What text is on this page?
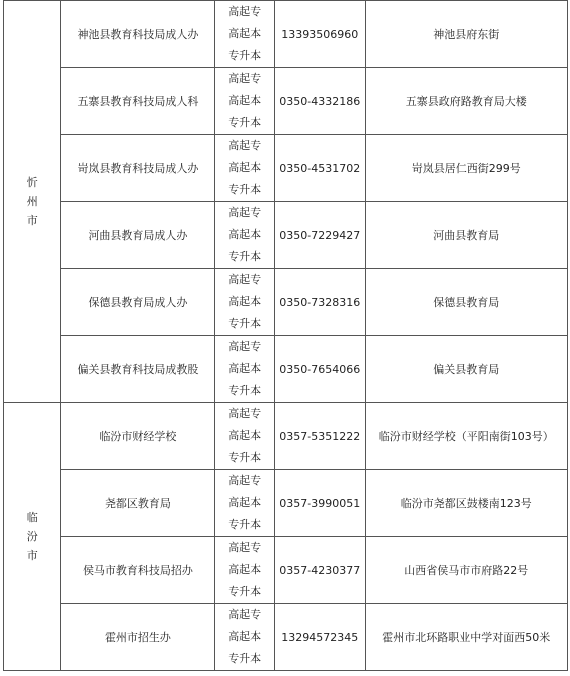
忻州市	神池县教育科技局成人办	高起专
高起本
专升本	13393506960	神池县府东街
	五寨县教育科技局成人科	高起专
高起本
专升本	0350-4332186	五寨县政府路教育局大楼
	岢岚县教育科技局成人办	高起专
高起本
专升本	0350-4531702	岢岚县居仁西街299号
	河曲县教育局成人办	高起专
高起本
专升本	0350-7229427	河曲县教育局
	保德县教育局成人办	高起专
高起本
专升本	0350-7328316	保德县教育局
	偏关县教育科技局成教股	高起专
高起本
专升本	0350-7654066	偏关县教育局
临汾市	临汾市财经学校	高起专
高起本
专升本	0357-5351222	临汾市财经学校（平阳南街103号）
	尧都区教育局	高起专
高起本
专升本	0357-3990051	临汾市尧都区鼓楼南123号
	侯马市教育科技局招办	高起专
高起本
专升本	0357-4230377	山西省侯马市市府路22号
	霍州市招生办	高起专
高起本
专升本	13294572345	霍州市北环路职业中学对面西50米
